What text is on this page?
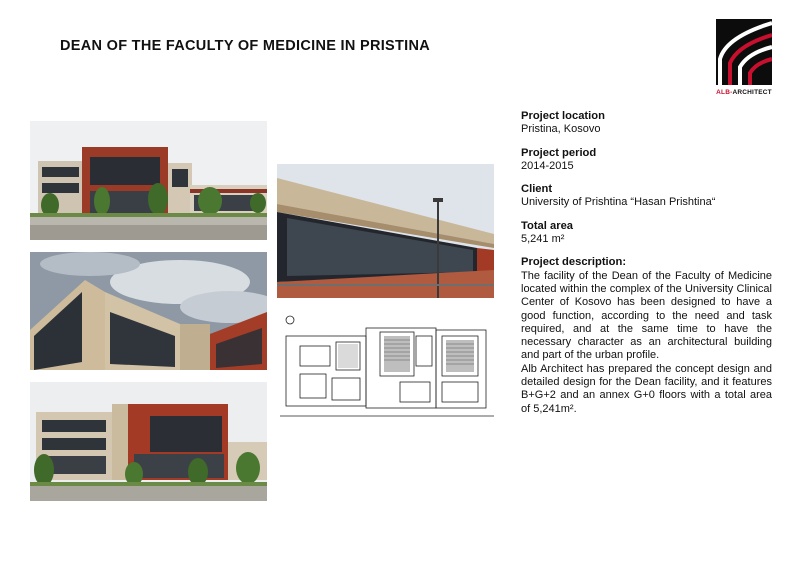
DEAN OF THE FACULTY OF MEDICINE IN PRISTINA
ALB-ARCHITECT
Project location
Pristina, Kosovo
Project period
2014-2015
Client
University of Prishtina “Hasan Prishtina“
Total area
5,241 m²
Project description:
The facility of the Dean of the Faculty of Medicine located within the complex of the University Clinical Center of Kosovo has been designed to have a good function, according to the need and task required, and at the same time to have the necessary character as an architectural building and part of the urban profile.
Alb Architect has prepared the concept design and detailed design for the Dean facility, and it features B+G+2 and an annex G+0 floors with a total area of 5,241m².
